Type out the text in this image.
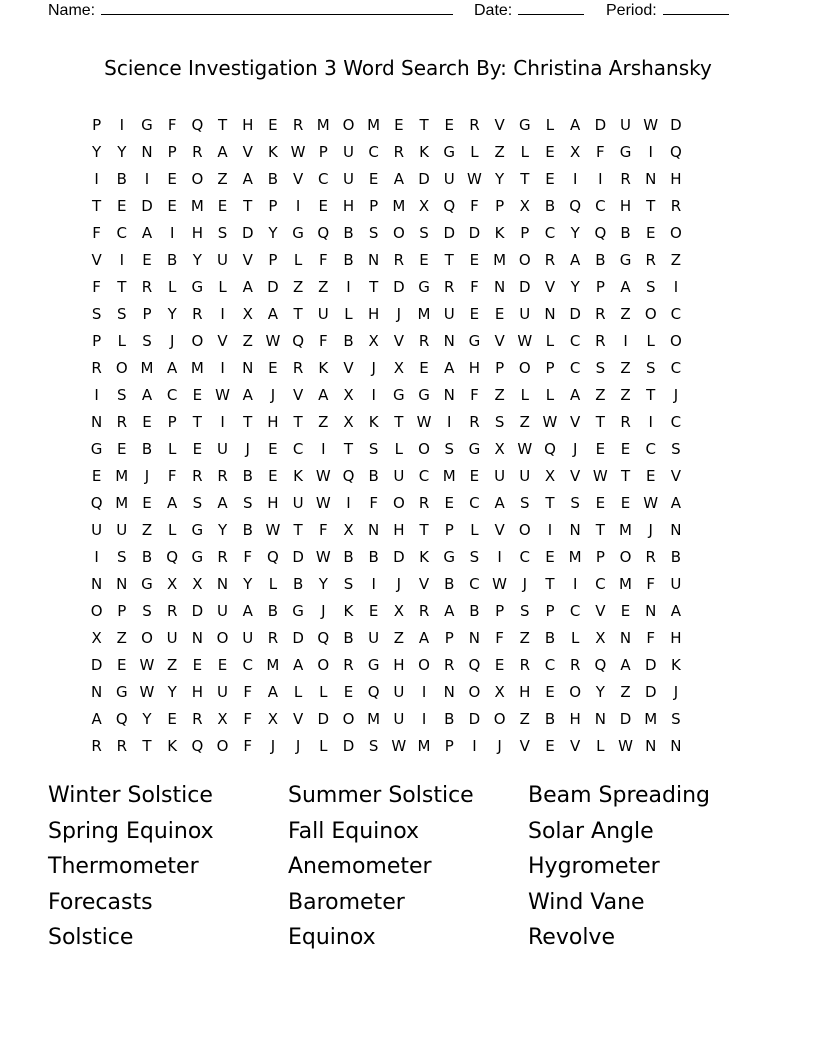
Name:	Date:	Period:
Science Investigation 3 Word Search By: Christina Arshansky
P	I	G	F Q T H E	R M O M E	T	E	R V G	L	A D U W D
Y	Y N	P	R A V	K W P	U C R	K G	L	Z	L	E	X	F	G	I	Q
I	B	I	E O Z A B V C U E	A D U W Y	T	E	I	I	R N H
T	E D E M E	T	P	I	E H	P M X Q F	P	X B Q C H T	R
F	C A	I	H S D Y G Q B	S O S D D K	P	C	Y Q B	E O
V	I	E	B	Y	U V	P	L	F	B N R	E	T	E M O R A B G R Z
F	T	R	L	G	L	A D Z Z	I	T D G R	F	N D V	Y	P	A	S	I
S	S	P	Y	R	I	X A	T	U	L	H	J	M U E	E U N D R Z O C
P	L	S	J	O V Z W Q F	B X V R N G V W L	C R	I	L	O
R O M A M	I	N E	R	K	V	J	X	E	A H	P O P	C	S	Z	S	C
I	S	A C	E W A	J	V A X	I	G G N	F	Z	L	L	A Z Z	T	J
N R	E	P	T	I	T H T	Z X	K	T W	I	R	S	Z W V	T	R	I	C
G E	B	L	E U	J	E	C	I	T	S	L	O S G X W Q	J	E	E	C	S
E M	J	F	R R B	E	K W Q B U C M E U U X V W T	E	V
Q M E	A	S	A	S H U W	I	F O R	E	C A	S	T	S	E	E W A
U U Z	L	G Y	B W T	F	X N H T	P	L	V O	I	N T M	J	N
I	S	B Q G R	F Q D W B B D K G S	I	C	E M P O R B
N N G X X N Y	L	B	Y	S	I	J	V B C W	J	T	I	C M F	U
O P	S	R D U A B G	J	K	E	X R A B	P	S	P	C V	E N A
X Z O U N O U R D Q B U Z A	P	N	F	Z B	L	X N	F	H
D E W Z	E	E	C M A O R G H O R Q E	R C R Q A D K
N G W Y H U	F	A	L	L	E Q U	I	N O X H E O Y	Z D	J
A Q Y	E	R X	F	X V D O M U	I	B D O Z B H N D M S
R R	T	K Q O F	J	J	L	D S W M P	I	J	V	E	V	L W N N
Winter Solstice	Summer Solstice	Beam Spreading
Spring Equinox	Fall Equinox	Solar Angle
Thermometer	Anemometer	Hygrometer
Forecasts	Barometer	Wind Vane
Solstice	Equinox	Revolve
